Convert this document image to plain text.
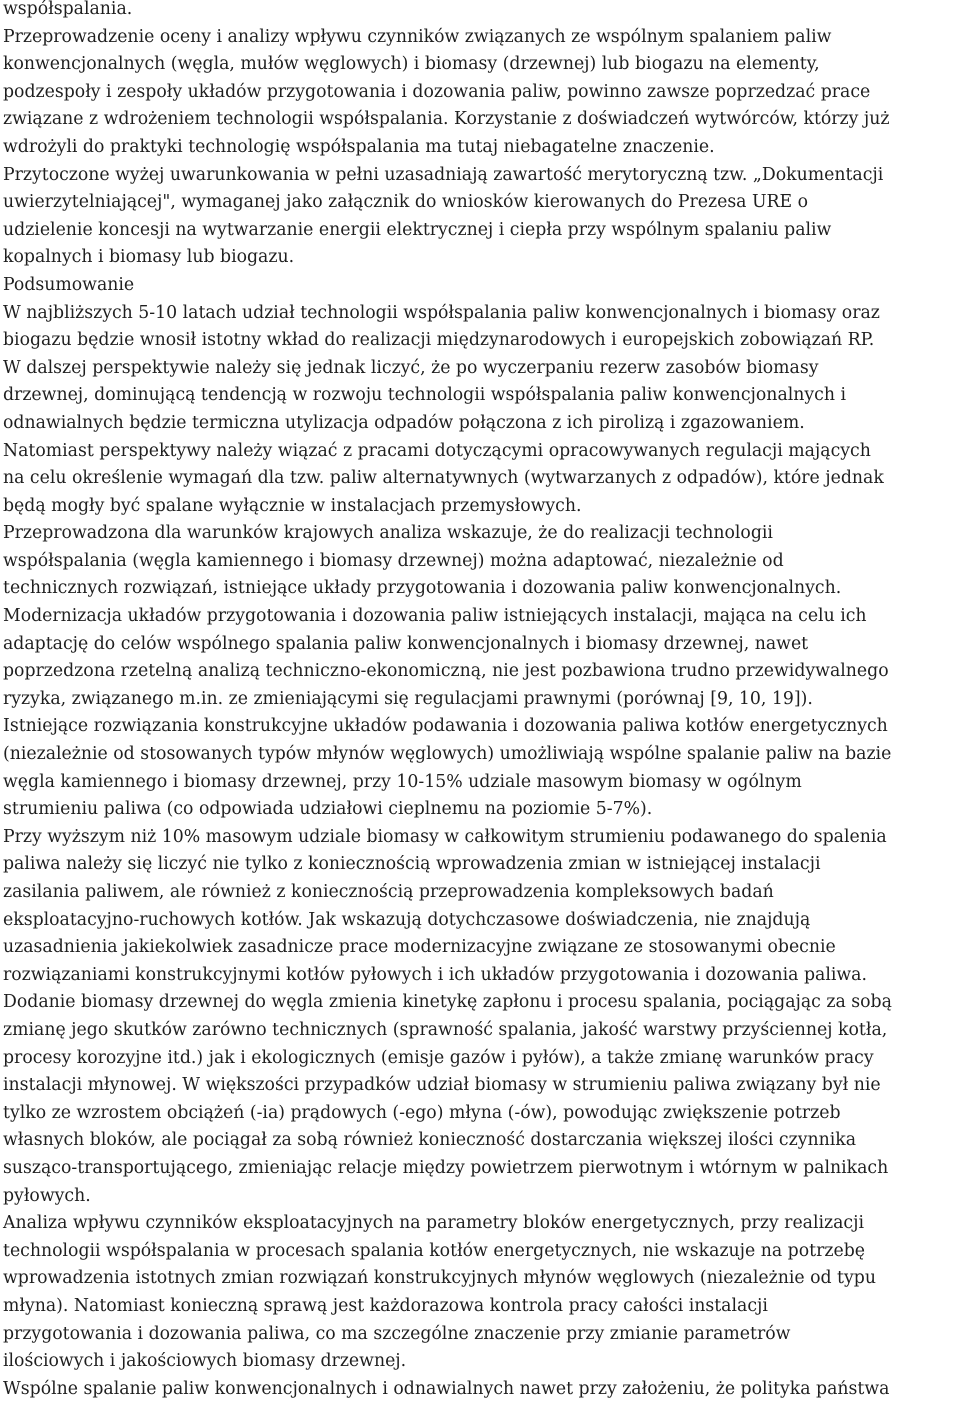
współspalania.
Przeprowadzenie oceny i analizy wpływu czynników związanych ze wspólnym spalaniem paliw
konwencjonalnych (węgla, mułów węglowych) i biomasy (drzewnej) lub biogazu na elementy,
podzespoły i zespoły układów przygotowania i dozowania paliw, powinno zawsze poprzedzać prace
związane z wdrożeniem technologii współspalania. Korzystanie z doświadczeń wytwórców, którzy już
wdrożyli do praktyki technologię współspalania ma tutaj niebagatelne znaczenie.
Przytoczone wyżej uwarunkowania w pełni uzasadniają zawartość merytoryczną tzw. „Dokumentacji
uwierzytelniającej", wymaganej jako załącznik do wniosków kierowanych do Prezesa URE o
udzielenie koncesji na wytwarzanie energii elektrycznej i ciepła przy wspólnym spalaniu paliw
kopalnych i biomasy lub biogazu.
Podsumowanie
W najbliższych 5-10 latach udział technologii współspalania paliw konwencjonalnych i biomasy oraz
biogazu będzie wnosił istotny wkład do realizacji międzynarodowych i europejskich zobowiązań RP.
W dalszej perspektywie należy się jednak liczyć, że po wyczerpaniu rezerw zasobów biomasy
drzewnej, dominującą tendencją w rozwoju technologii współspalania paliw konwencjonalnych i
odnawialnych będzie termiczna utylizacja odpadów połączona z ich pirolizą i zgazowaniem.
Natomiast perspektywy należy wiązać z pracami dotyczącymi opracowywanych regulacji mających
na celu określenie wymagań dla tzw. paliw alternatywnych (wytwarzanych z odpadów), które jednak
będą mogły być spalane wyłącznie w instalacjach przemysłowych.
Przeprowadzona dla warunków krajowych analiza wskazuje, że do realizacji technologii
współspalania (węgla kamiennego i biomasy drzewnej) można adaptować, niezależnie od
technicznych rozwiązań, istniejące układy przygotowania i dozowania paliw konwencjonalnych.
Modernizacja układów przygotowania i dozowania paliw istniejących instalacji, mająca na celu ich
adaptację do celów wspólnego spalania paliw konwencjonalnych i biomasy drzewnej, nawet
poprzedzona rzetelną analizą techniczno-ekonomiczną, nie jest pozbawiona trudno przewidywalnego
ryzyka, związanego m.in. ze zmieniającymi się regulacjami prawnymi (porównaj [9, 10, 19]).
Istniejące rozwiązania konstrukcyjne układów podawania i dozowania paliwa kotłów energetycznych
(niezależnie od stosowanych typów młynów węglowych) umożliwiają wspólne spalanie paliw na bazie
węgla kamiennego i biomasy drzewnej, przy 10-15% udziale masowym biomasy w ogólnym
strumieniu paliwa (co odpowiada udziałowi cieplnemu na poziomie 5-7%).
Przy wyższym niż 10% masowym udziale biomasy w całkowitym strumieniu podawanego do spalenia
paliwa należy się liczyć nie tylko z koniecznością wprowadzenia zmian w istniejącej instalacji
zasilania paliwem, ale również z koniecznością przeprowadzenia kompleksowych badań
eksploatacyjno-ruchowych kotłów. Jak wskazują dotychczasowe doświadczenia, nie znajdują
uzasadnienia jakiekolwiek zasadnicze prace modernizacyjne związane ze stosowanymi obecnie
rozwiązaniami konstrukcyjnymi kotłów pyłowych i ich układów przygotowania i dozowania paliwa.
Dodanie biomasy drzewnej do węgla zmienia kinetykę zapłonu i procesu spalania, pociągając za sobą
zmianę jego skutków zarówno technicznych (sprawność spalania, jakość warstwy przyściennej kotła,
procesy korozyjne itd.) jak i ekologicznych (emisje gazów i pyłów), a także zmianę warunków pracy
instalacji młynowej. W większości przypadków udział biomasy w strumieniu paliwa związany był nie
tylko ze wzrostem obciążeń (-ia) prądowych (-ego) młyna (-ów), powodując zwiększenie potrzeb
własnych bloków, ale pociągał za sobą również konieczność dostarczania większej ilości czynnika
susząco-transportującego, zmieniając relacje między powietrzem pierwotnym i wtórnym w palnikach
pyłowych.
Analiza wpływu czynników eksploatacyjnych na parametry bloków energetycznych, przy realizacji
technologii współspalania w procesach spalania kotłów energetycznych, nie wskazuje na potrzebę
wprowadzenia istotnych zmian rozwiązań konstrukcyjnych młynów węglowych (niezależnie od typu
młyna). Natomiast konieczną sprawą jest każdorazowa kontrola pracy całości instalacji
przygotowania i dozowania paliwa, co ma szczególne znaczenie przy zmianie parametrów
ilościowych i jakościowych biomasy drzewnej.
Wspólne spalanie paliw konwencjonalnych i odnawialnych nawet przy założeniu, że polityka państwa
